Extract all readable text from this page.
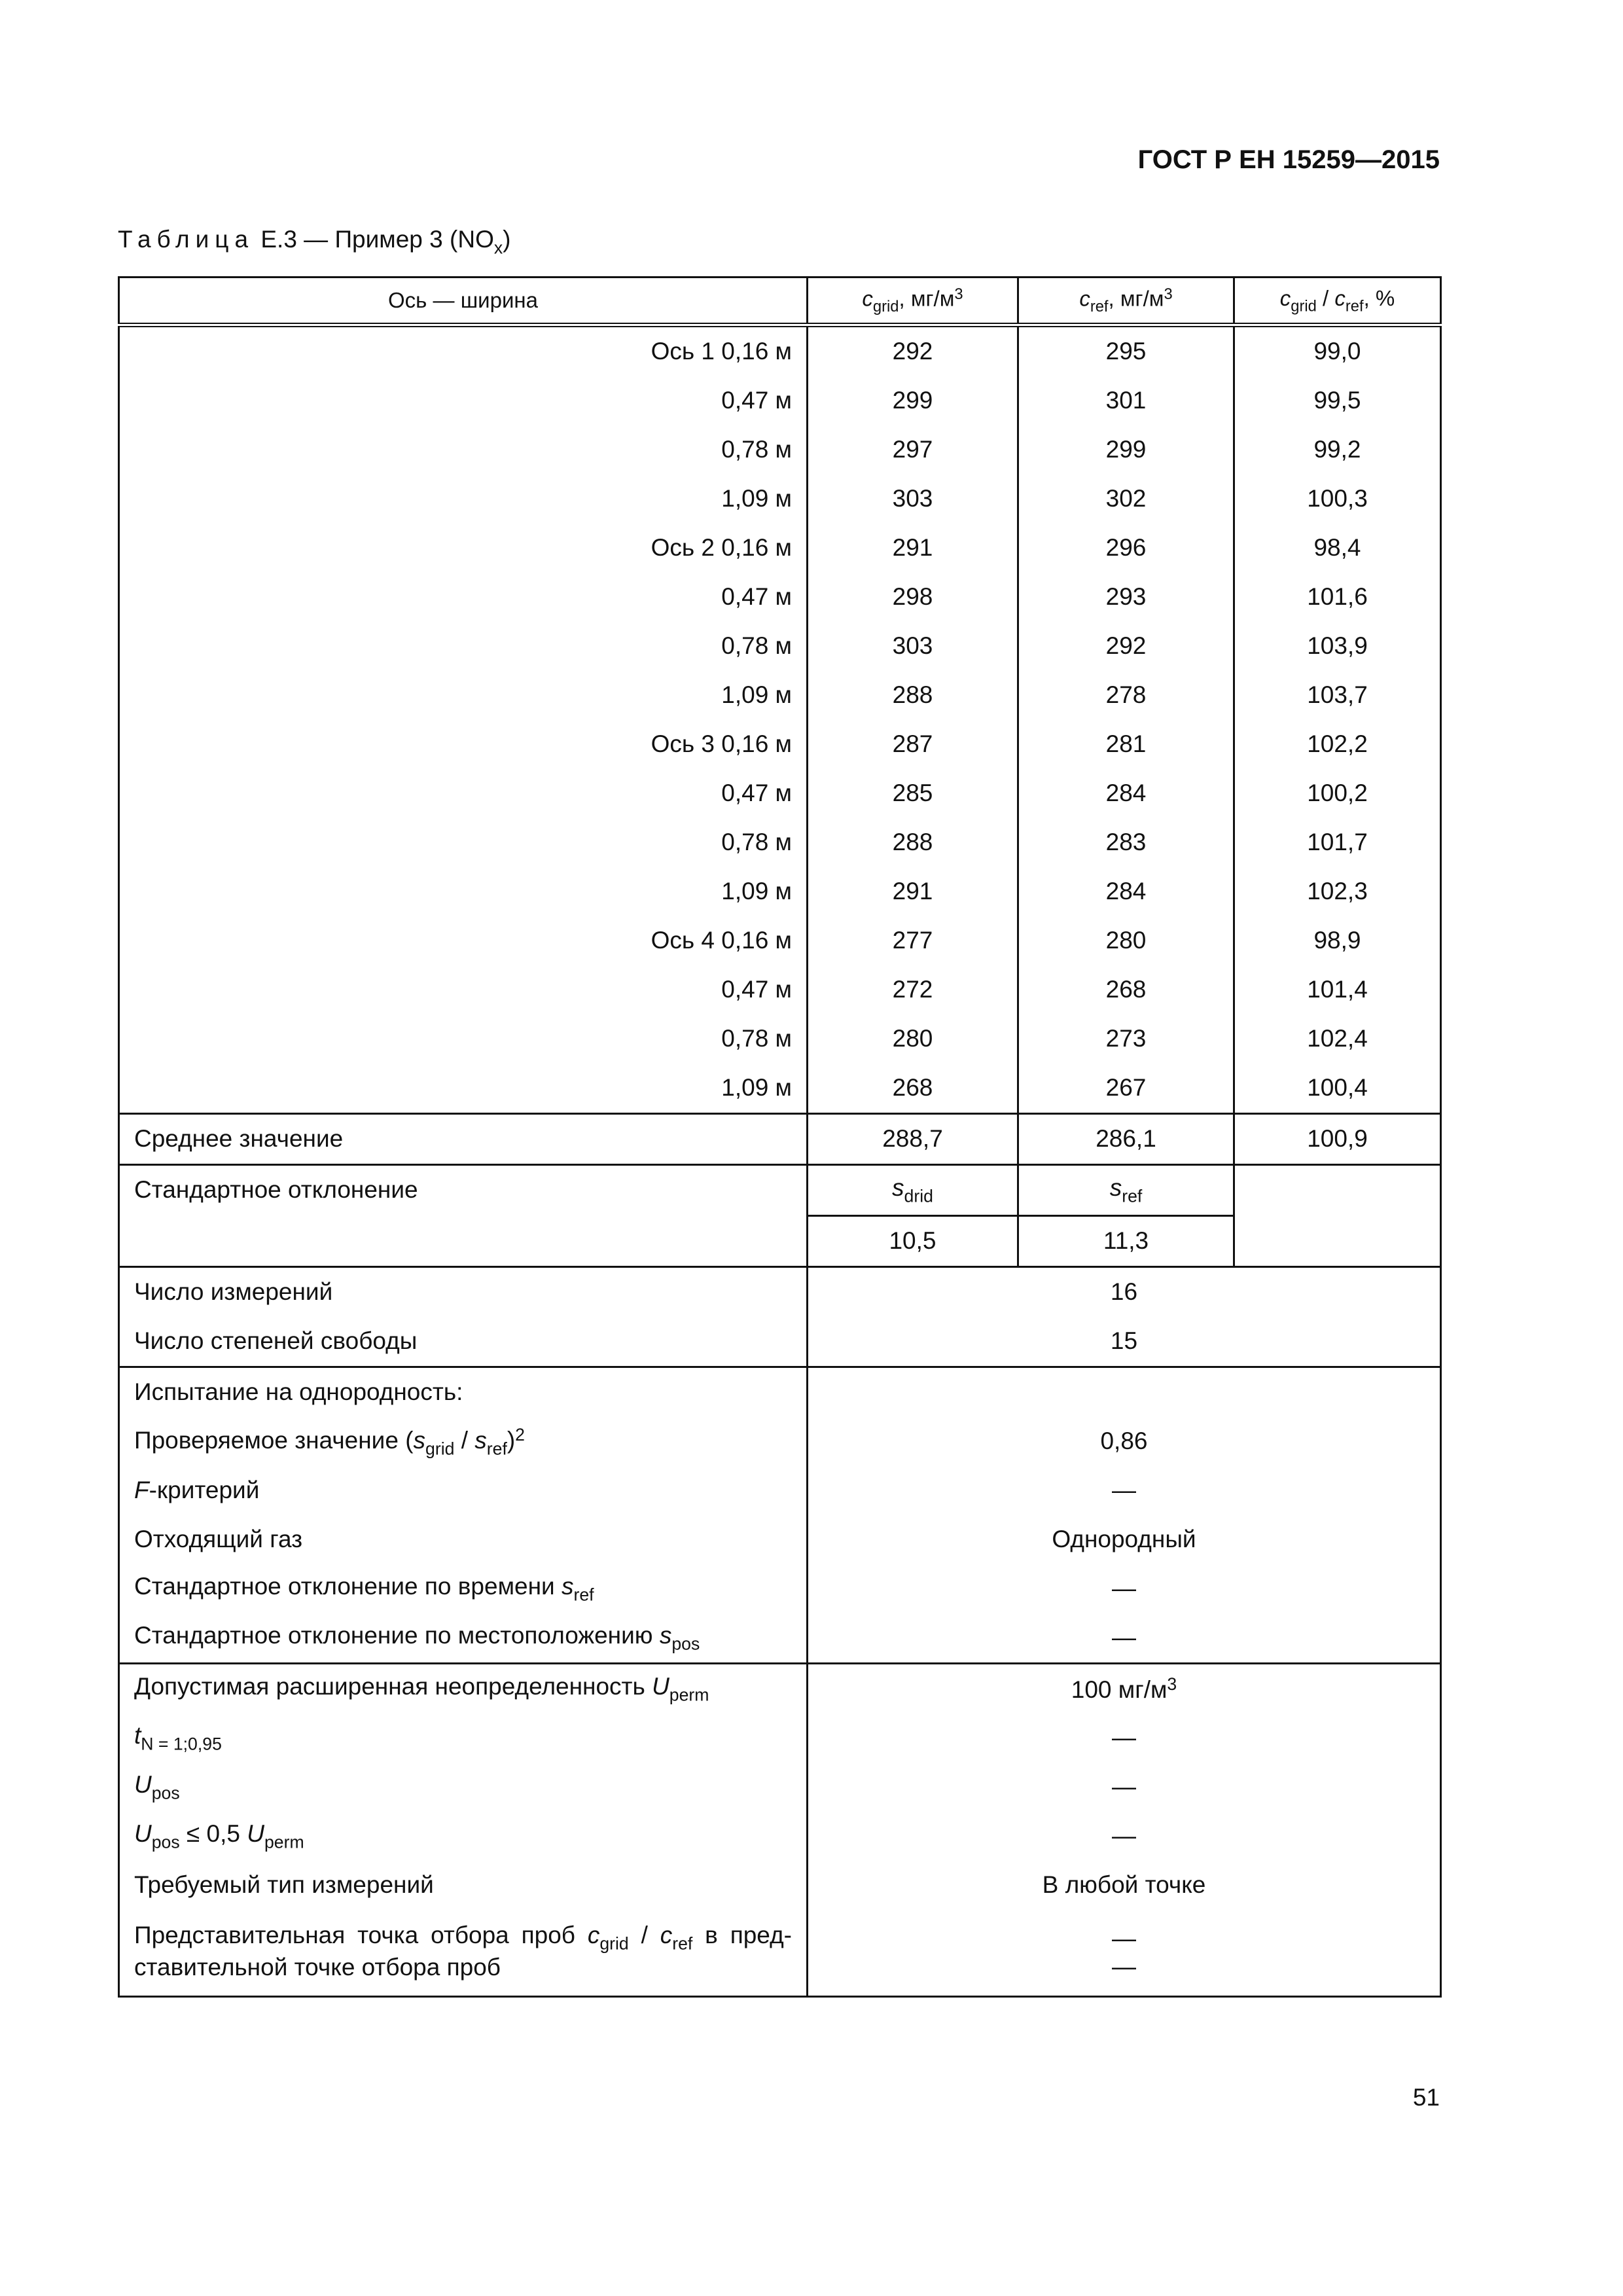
ГОСТ Р ЕН 15259—2015
Таблица Е.3 — Пример 3 $(NO_x)$
Ось — ширина	$c_{grid}$, $мг/м^3$	$c_{ref}$, $мг/м^3$	$c_{grid} / c_{ref}$, %
Ось 1 0,16 м	292	295	99,0
0,47 м	299	301	99,5
0,78 м	297	299	99,2
1,09 м	303	302	100,3
Ось 2 0,16 м	291	296	98,4
0,47 м	298	293	101,6
0,78 м	303	292	103,9
1,09 м	288	278	103,7
Ось 3 0,16 м	287	281	102,2
0,47 м	285	284	100,2
0,78 м	288	283	101,7
1,09 м	291	284	102,3
Ось 4 0,16 м	277	280	98,9
0,47 м	272	268	101,4
0,78 м	280	273	102,4
1,09 м	268	267	100,4
Среднее значение	288,7	286,1	100,9
Стандартное отклонение	$s_{drid}$	$s_{ref}$	
	10,5	11,3	
Число измерений	16		
Число степеней свободы	15		
Испытание на однородность:			
Проверяемое значение $(s_{grid} / s_{ref})^2$	0,86		
F-критерий	—		
Отходящий газ	Однородный		
Стандартное отклонение по времени $s_{ref}$	—		
Стандартное отклонение по местоположению $s_{pos}$	—		
Допустимая расширенная неопределенность $U_{perm}$	100 $мг/м^3$
$t_{N = 1;0,95}$	—		
$U_{pos}$	—		
$U_{pos} \le 0,5$ $U_{perm}$	—		
Требуемый тип измерений	В любой точке		
Представительная точка отбора проб $c_{grid} / c_{ref}$ в пред-ставительной точке отбора проб	—
—		
51
